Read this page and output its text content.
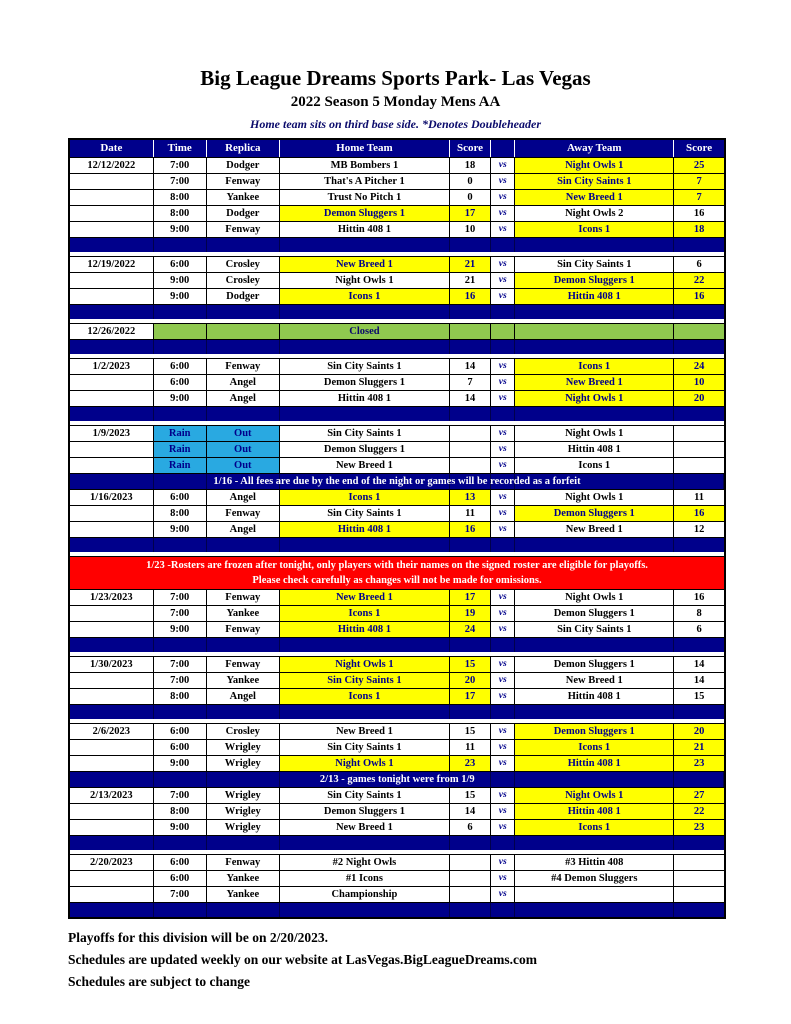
Big League Dreams Sports Park- Las Vegas
2022 Season 5 Monday Mens AA
Home team sits on third base side. *Denotes Doubleheader
Date	Time	Replica	Home Team	Score	Away Team	Score
12/12/2022	7:00	Dodger	MB Bombers 1	18	vs	Night Owls 1	25
7:00	Fenway	That's A Pitcher 1	0	vs	Sin City Saints 1	7
8:00	Yankee	Trust No Pitch 1	0	vs	New Breed 1	7
8:00	Dodger	Demon Sluggers 1	17	vs	Night Owls 2	16
9:00	Fenway	Hittin 408 1	10	vs	Icons 1	18
12/19/2022	6:00	Crosley	New Breed 1	21	vs	Sin City Saints 1	6
9:00	Crosley	Night Owls 1	21	vs	Demon Sluggers 1	22
9:00	Dodger	Icons 1	16	vs	Hittin 408 1	16
12/26/2022	Closed
1/2/2023	6:00	Fenway	Sin City Saints 1	14	vs	Icons 1	24
6:00	Angel	Demon Sluggers 1	7	vs	New Breed 1	10
9:00	Angel	Hittin 408 1	14	vs	Night Owls 1	20
1/9/2023	Rain	Out	Sin City Saints 1	vs	Night Owls 1
Rain	Out	Demon Sluggers 1	vs	Hittin 408 1
Rain	Out	New Breed 1	vs	Icons 1
1/16 - All fees are due by the end of the night or games will be recorded as a forfeit
1/16/2023	6:00	Angel	Icons 1	13	vs	Night Owls 1	11
8:00	Fenway	Sin City Saints 1	11	vs	Demon Sluggers 1	16
9:00	Angel	Hittin 408 1	16	vs	New Breed 1	12
1/23 -Rosters are frozen after tonight, only players with their names on the signed roster are eligible for playoffs.
Please check carefully as changes will not be made for omissions.
1/23/2023	7:00	Fenway	New Breed 1	17	vs	Night Owls 1	16
7:00	Yankee	Icons 1	19	vs	Demon Sluggers 1	8
9:00	Fenway	Hittin 408 1	24	vs	Sin City Saints 1	6
1/30/2023	7:00	Fenway	Night Owls 1	15	vs	Demon Sluggers 1	14
7:00	Yankee	Sin City Saints 1	20	vs	New Breed 1	14
8:00	Angel	Icons 1	17	vs	Hittin 408 1	15
2/6/2023	6:00	Crosley	New Breed 1	15	vs	Demon Sluggers 1	20
6:00	Wrigley	Sin City Saints 1	11	vs	Icons 1	21
9:00	Wrigley	Night Owls 1	23	vs	Hittin 408 1	23
2/13 - games tonight were from 1/9
2/13/2023	7:00	Wrigley	Sin City Saints 1	15	vs	Night Owls 1	27
8:00	Wrigley	Demon Sluggers 1	14	vs	Hittin 408 1	22
9:00	Wrigley	New Breed 1	6	vs	Icons 1	23
2/20/2023	6:00	Fenway	#2 Night Owls	vs	#3 Hittin 408
6:00	Yankee	#1 Icons	vs	#4 Demon Sluggers
7:00	Yankee	Championship	vs
Playoffs for this division will be on 2/20/2023.
Schedules are updated weekly on our website at LasVegas.BigLeagueDreams.com
Schedules are subject to change
